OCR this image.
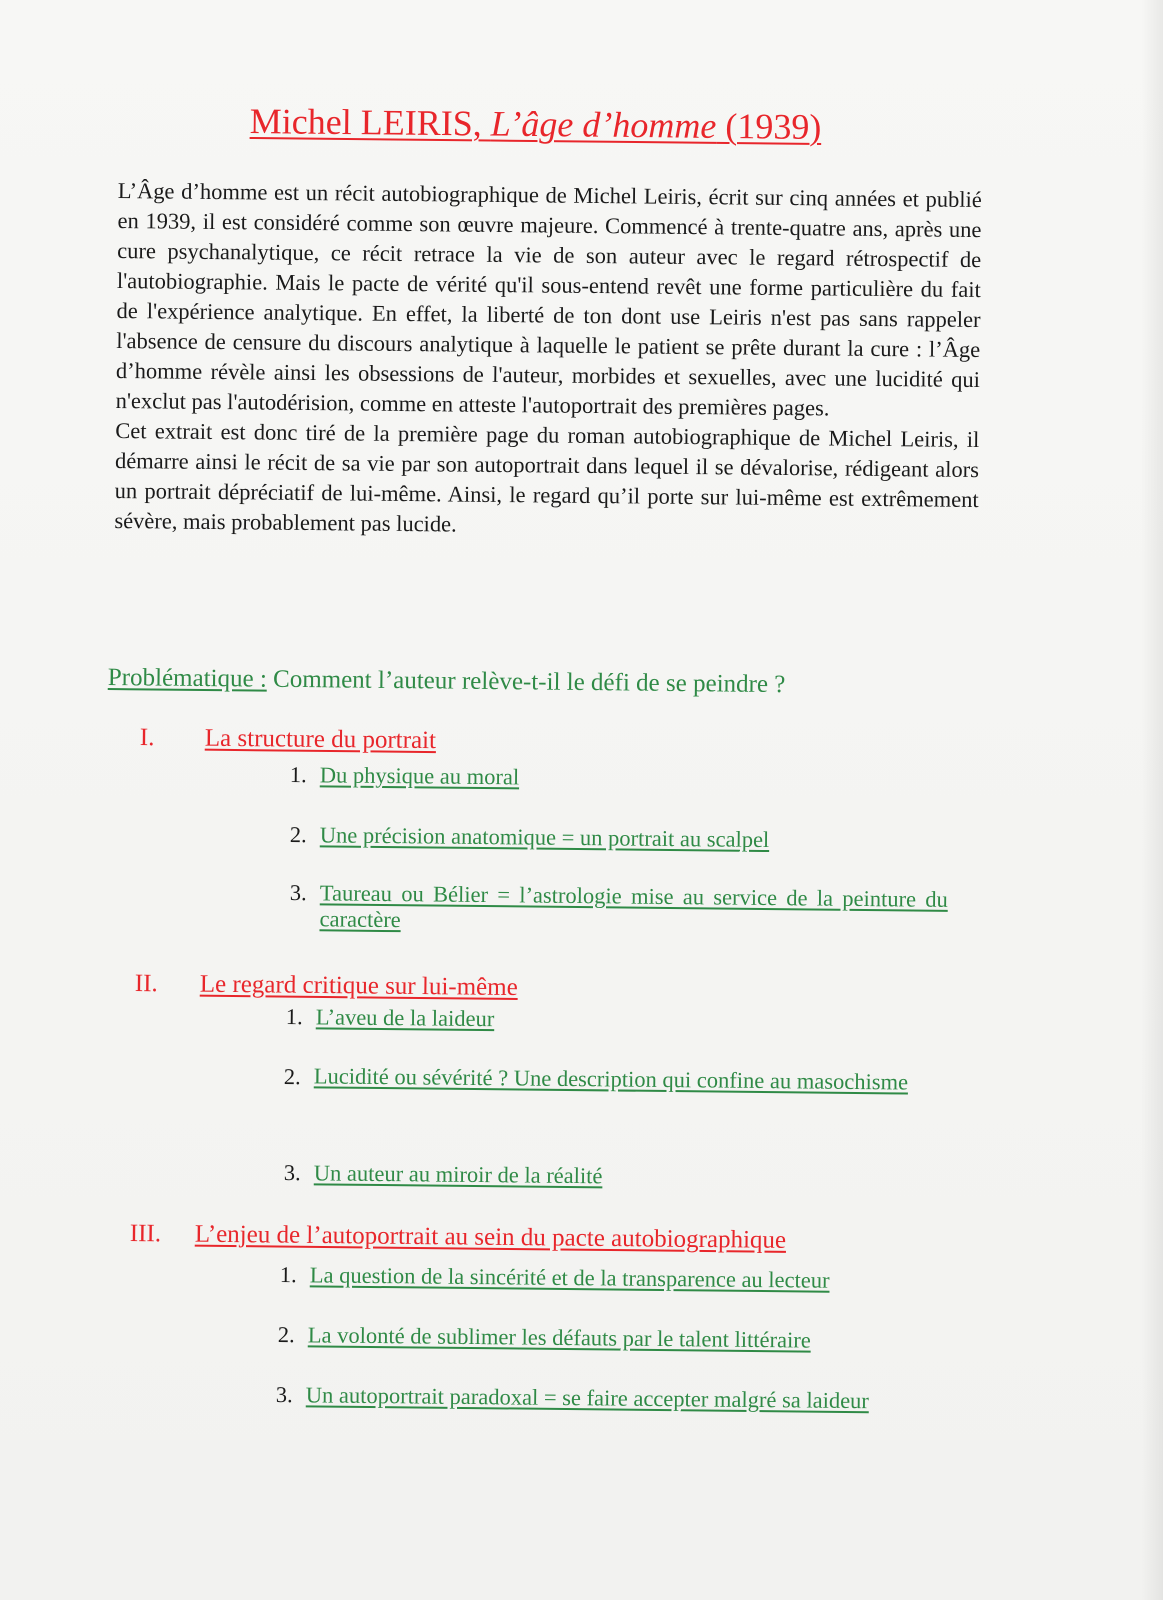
Michel LEIRIS, L’âge d’homme (1939)

L’Âge d’homme est un récit autobiographique de Michel Leiris, écrit sur cinq années et publié en 1939, il est considéré comme son œuvre majeure. Commencé à trente-quatre ans, après une cure psychanalytique, ce récit retrace la vie de son auteur avec le regard rétrospectif de l'autobiographie. Mais le pacte de vérité qu'il sous-entend revêt une forme particulière du fait de l'expérience analytique. En effet, la liberté de ton dont use Leiris n'est pas sans rappeler l'absence de censure du discours analytique à laquelle le patient se prête durant la cure : l’Âge d’homme révèle ainsi les obsessions de l'auteur, morbides et sexuelles, avec une lucidité qui n'exclut pas l'autodérision, comme en atteste l'autoportrait des premières pages.

Cet extrait est donc tiré de la première page du roman autobiographique de Michel Leiris, il démarre ainsi le récit de sa vie par son autoportrait dans lequel il se dévalorise, rédigeant alors un portrait dépréciatif de lui-même. Ainsi, le regard qu’il porte sur lui-même est extrêmement sévère, mais probablement pas lucide.

Problématique : Comment l’auteur relève-t-il le défi de se peindre ?
I. La structure du portrait
1. Du physique au moral
2. Une précision anatomique = un portrait au scalpel
3. Taureau ou Bélier = l’astrologie mise au service de la peinture du caractère
II. Le regard critique sur lui-même
1. L’aveu de la laideur
2. Lucidité ou sévérité ? Une description qui confine au masochisme
3. Un auteur au miroir de la réalité
III. L’enjeu de l’autoportrait au sein du pacte autobiographique
1. La question de la sincérité et de la transparence au lecteur
2. La volonté de sublimer les défauts par le talent littéraire
3. Un autoportrait paradoxal = se faire accepter malgré sa laideur
